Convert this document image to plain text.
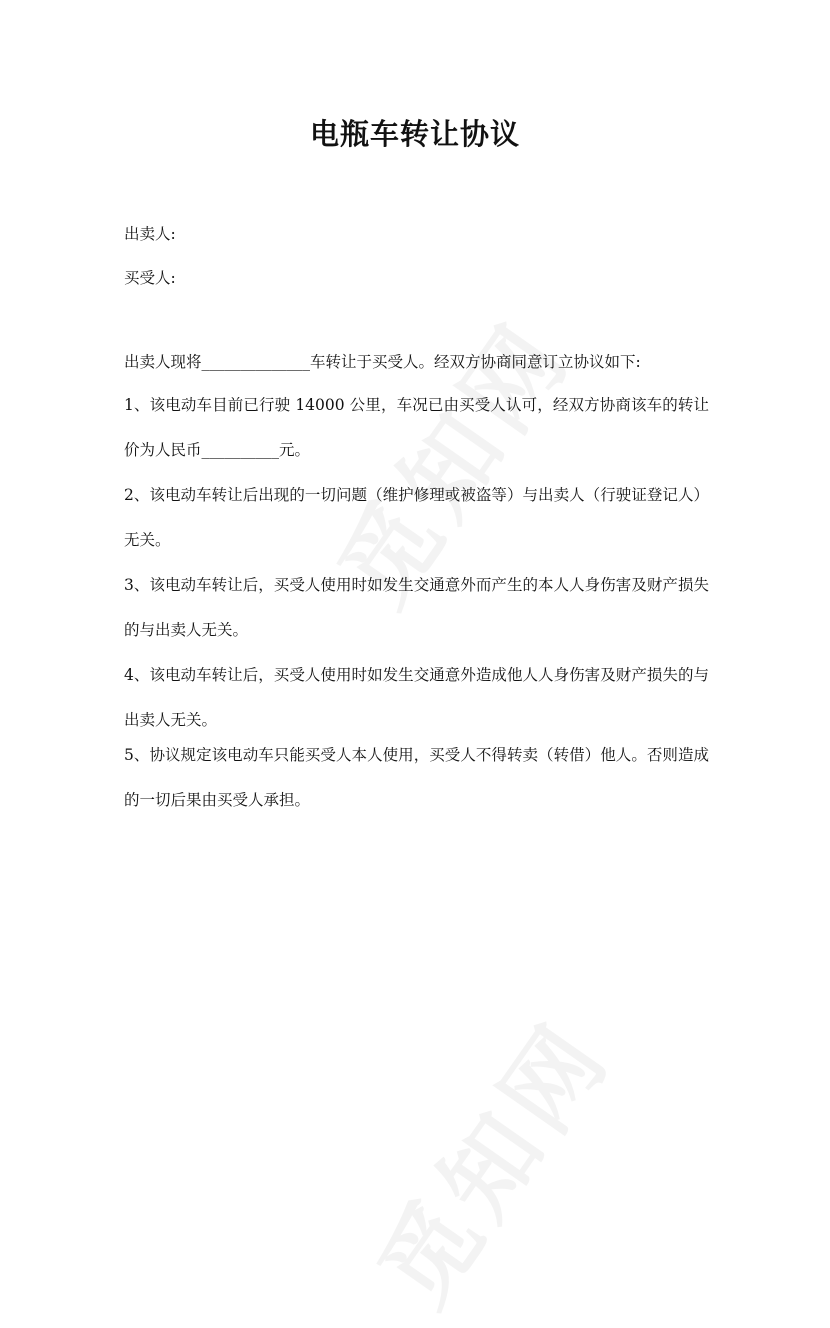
电瓶车转让协议

出卖人:

买受人:

出卖人现将______________车转让于买受人。经双方协商同意订立协议如下:

1、该电动车目前已行驶 14000 公里，车况已由买受人认可，经双方协商该车的转让价为人民币__________元。

2、该电动车转让后出现的一切问题（维护修理或被盗等）与出卖人（行驶证登记人）无关。

3、该电动车转让后，买受人使用时如发生交通意外而产生的本人人身伤害及财产损失的与出卖人无关。

4、该电动车转让后，买受人使用时如发生交通意外造成他人人身伤害及财产损失的与出卖人无关。

5、协议规定该电动车只能买受人本人使用，买受人不得转卖（转借）他人。否则造成的一切后果由买受人承担。
